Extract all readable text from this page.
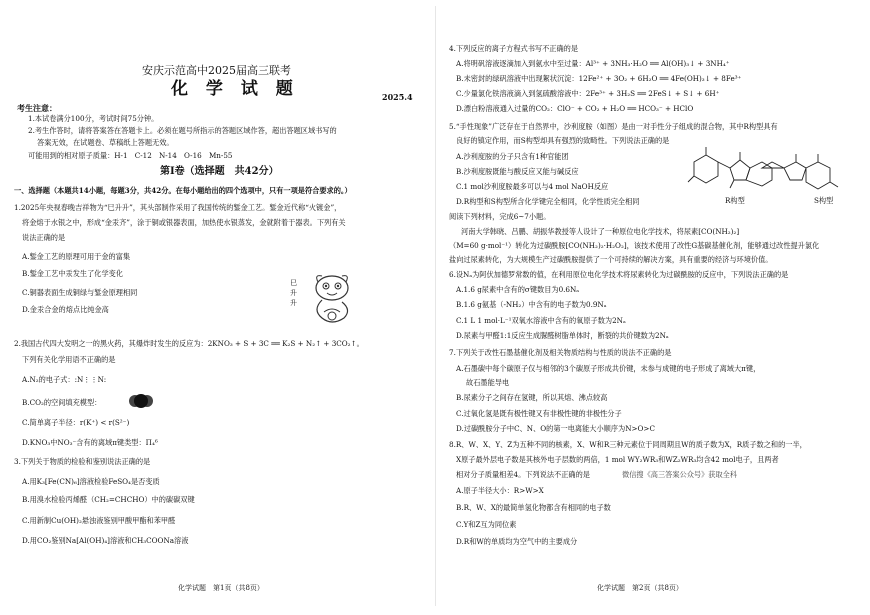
安庆示范高中2025届高三联考
化 学 试 题	2025.4
考生注意：
1.本试卷满分100分，考试时间75分钟。
2.考生作答时，请将答案答在答题卡上。必须在题号所指示的答题区域作答，超出答题区域书写的
答案无效，在试题卷、草稿纸上答题无效。
可能用到的相对原子质量：H-1　C-12　N-14　O-16　Mn-55
第Ⅰ卷（选择题　共42分）
一、选择题（本题共14小题，每题3分，共42分。在每小题给出的四个选项中，只有一项是符合要求的。）
1.2025年央视春晚吉祥物为“巳升升”，其头部制作采用了我国传统的錾金工艺。錾金近代称“火镀金”，
将金熔于水银之中，形成“金汞齐”，涂于铜或银器表面，加热使水银蒸发，金就附着于器表。下列有关
说法正确的是
A.錾金工艺的原理可用于金的富集
B.錾金工艺中汞发生了化学变化
C.铜器表面生成铜绿与錾金原理相同
D.金汞合金的熔点比纯金高
巳升升
2.我国古代四大发明之一的黑火药，其爆炸时发生的反应为：2KNO₃ + S + 3C ══ K₂S + N₂↑ + 3CO₂↑。
下列有关化学用语不正确的是
A.N₂的电子式：:N⋮⋮N:
B.CO₂的空间填充模型：
C.简单离子半径：r(K⁺) < r(S²⁻)
D.KNO₃中NO₃⁻含有的离域π键类型：Π₄⁶
3.下列关于物质的检验和鉴别说法正确的是
A.用K₃[Fe(CN)₆]溶液检验FeSO₄是否变质
B.用溴水检验丙烯醛（CH₂=CHCHO）中的碳碳双键
C.用新制Cu(OH)₂悬浊液鉴别甲酸甲酯和苯甲醛
D.用CO₂鉴别Na[Al(OH)₄]溶液和CH₃COONa溶液
化学试题　第1页（共8页）
4.下列反应的离子方程式书写不正确的是
A.将明矾溶液逐滴加入到氨水中至过量：Al³⁺ + 3NH₃·H₂O ══ Al(OH)₃↓ + 3NH₄⁺
B.未密封的绿矾溶液中出现絮状沉淀：12Fe²⁺ + 3O₂ + 6H₂O ══ 4Fe(OH)₃↓ + 8Fe³⁺
C.少量氯化铁溶液滴入到氢硫酸溶液中：2Fe³⁺ + 3H₂S ══ 2FeS↓ + S↓ + 6H⁺
D.漂白粉溶液通入过量的CO₂：ClO⁻ + CO₂ + H₂O ══ HCO₃⁻ + HClO
5.“手性现象”广泛存在于自然界中，沙利度胺（如图）是由一对手性分子组成的混合物，其中R构型具有
良好的镇定作用，而S构型却具有强烈的致畸性。下列说法正确的是
A.沙利度胺的分子只含有1种官能团
B.沙利度胺既能与酸反应又能与碱反应
C.1 mol沙利度胺最多可以与4 mol NaOH反应
D.R构型和S构型所含化学键完全相同，化学性质完全相同	R构型	S构型
阅读下列材料，完成6~7小题。
河南大学韩晓、吕鹏、胡振华教授等人设计了一种原位电化学技术，将尿素[CO(NH₂)₂]
（M=60 g·mol⁻¹）转化为过碳酰胺[CO(NH₂)₂·H₂O₂]，该技术使用了改性G基碳基催化剂，能够通过改性提升氯化
盐向过尿素转化，为大规模生产过碳酰胺提供了一个可持续的解决方案，具有重要的经济与环境价值。
6.设Nₐ为阿伏加德罗常数的值，在利用原位电化学技术将尿素转化为过碳酰胺的反应中，下列说法正确的是
A.1.6 g尿素中含有的σ键数目为0.6Nₐ
B.1.6 g氨基（-NH₂）中含有的电子数为0.9Nₐ
C.1 L 1 mol·L⁻¹双氧水溶液中含有的氧原子数为2Nₐ
D.尿素与甲醛1:1反应生成脲醛树脂单体时，断裂的共价键数为2Nₐ
7.下列关于改性石墨基催化剂及相关物质结构与性质的说法不正确的是
A.石墨碳中每个碳原子仅与相邻的3个碳原子形成共价键，未参与成键的电子形成了离域大π键，
故石墨能导电
B.尿素分子之间存在氢键，所以其熔、沸点较高
C.过氧化氢是既有极性键又有非极性键的非极性分子
D.过碳酰胺分子中C、N、O的第一电离能大小顺序为N>O>C
8.R、W、X、Y、Z为五种不同的核素，X、W和R三种元素位于同周期且W的质子数为X，R质子数之和的一半，
X原子最外层电子数是其核外电子层数的两倍，1 mol WY₂WR₃和WZ₂WR₃均含42 mol电子，且两者
相对分子质量相差4。下列说法不正确的是	微信搜《高三答案公众号》获取全科
A.原子半径大小：R>W>X
B.R、W、X的最简单氢化物都含有相同的电子数
C.Y和Z互为同位素
D.R和W的单质均为空气中的主要成分
化学试题　第2页（共8页）
